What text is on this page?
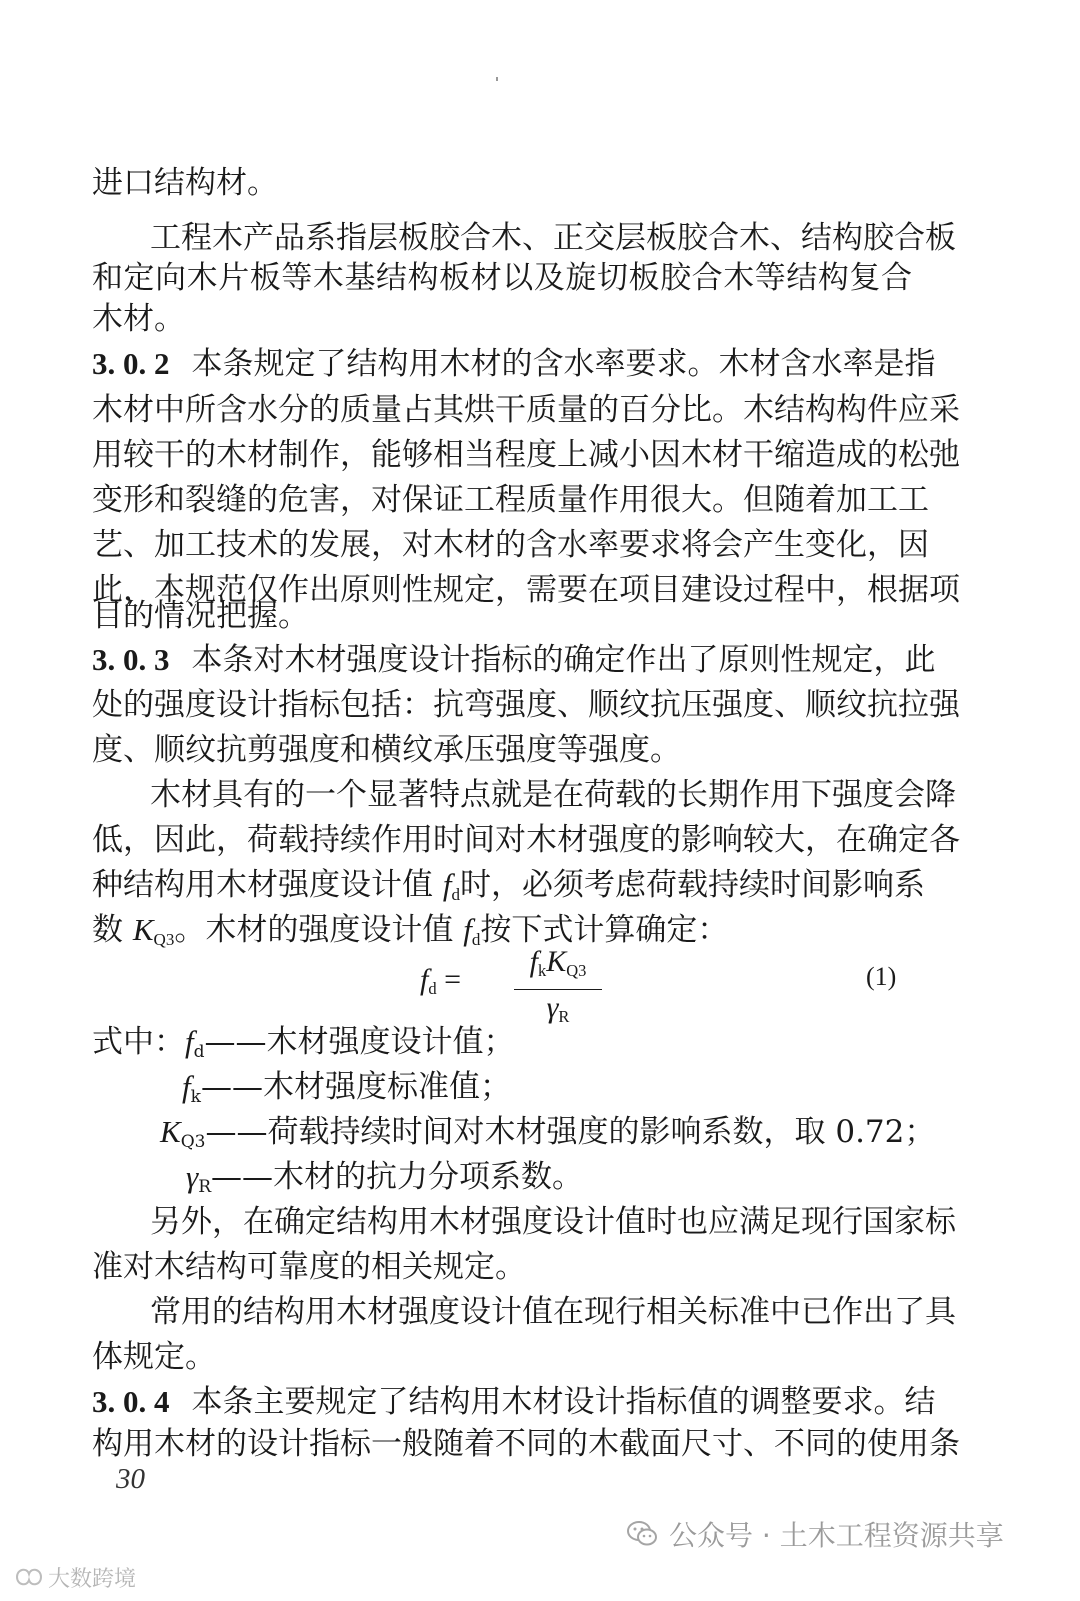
进口结构材。
工程木产品系指层板胶合木、正交层板胶合木、结构胶合板
和定向木片板等木基结构板材以及旋切板胶合木等结构复合
木材。
3. 0. 2 本条规定了结构用木材的含水率要求。木材含水率是指
木材中所含水分的质量占其烘干质量的百分比。木结构构件应采
用较干的木材制作，能够相当程度上减小因木材干缩造成的松弛
变形和裂缝的危害，对保证工程质量作用很大。但随着加工工
艺、加工技术的发展，对木材的含水率要求将会产生变化，因
此，本规范仅作出原则性规定，需要在项目建设过程中，根据项
目的情况把握。
3. 0. 3 本条对木材强度设计指标的确定作出了原则性规定，此
处的强度设计指标包括：抗弯强度、顺纹抗压强度、顺纹抗拉强
度、顺纹抗剪强度和横纹承压强度等强度。
木材具有的一个显著特点就是在荷载的长期作用下强度会降
低，因此，荷载持续作用时间对木材强度的影响较大，在确定各
种结构用木材强度设计值 $f_d$时，必须考虑荷载持续时间影响系
数 $K_{Q3}$。木材的强度设计值 $f_d$按下式计算确定：
$f_d$ =
$f_kK_{Q3}$
$\gamma_R$
(1)
式中：$f_d——$木材强度设计值；
$f_k——$木材强度标准值；
$K_{Q3}——$荷载持续时间对木材强度的影响系数，取 0.72；
$\gamma_R——$木材的抗力分项系数。
另外，在确定结构用木材强度设计值时也应满足现行国家标
准对木结构可靠度的相关规定。
常用的结构用木材强度设计值在现行相关标准中已作出了具
体规定。
3. 0. 4 本条主要规定了结构用木材设计指标值的调整要求。结
构用木材的设计指标一般随着不同的木截面尺寸、不同的使用条
30
公众号 · 土木工程资源共享
大数跨境
